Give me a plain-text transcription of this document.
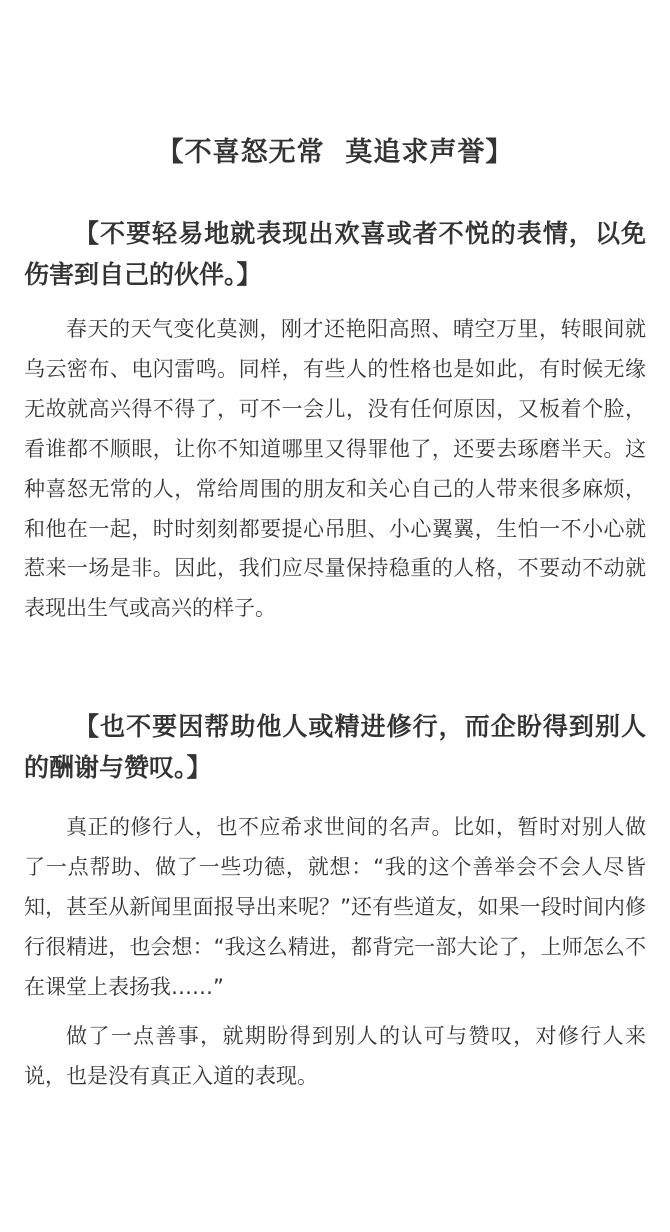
【不喜怒无常  莫追求声誉】

【不要轻易地就表现出欢喜或者不悦的表情，以免伤害到自己的伙伴。】

春天的天气变化莫测，刚才还艳阳高照、晴空万里，转眼间就乌云密布、电闪雷鸣。同样，有些人的性格也是如此，有时候无缘无故就高兴得不得了，可不一会儿，没有任何原因，又板着个脸，看谁都不顺眼，让你不知道哪里又得罪他了，还要去琢磨半天。这种喜怒无常的人，常给周围的朋友和关心自己的人带来很多麻烦，和他在一起，时时刻刻都要提心吊胆、小心翼翼，生怕一不小心就惹来一场是非。因此，我们应尽量保持稳重的人格，不要动不动就表现出生气或高兴的样子。

【也不要因帮助他人或精进修行，而企盼得到别人的酬谢与赞叹。】

真正的修行人，也不应希求世间的名声。比如，暂时对别人做了一点帮助、做了一些功德，就想：“我的这个善举会不会人尽皆知，甚至从新闻里面报导出来呢？”还有些道友，如果一段时间内修行很精进，也会想：“我这么精进，都背完一部大论了，上师怎么不在课堂上表扬我……”

做了一点善事，就期盼得到别人的认可与赞叹，对修行人来说，也是没有真正入道的表现。
